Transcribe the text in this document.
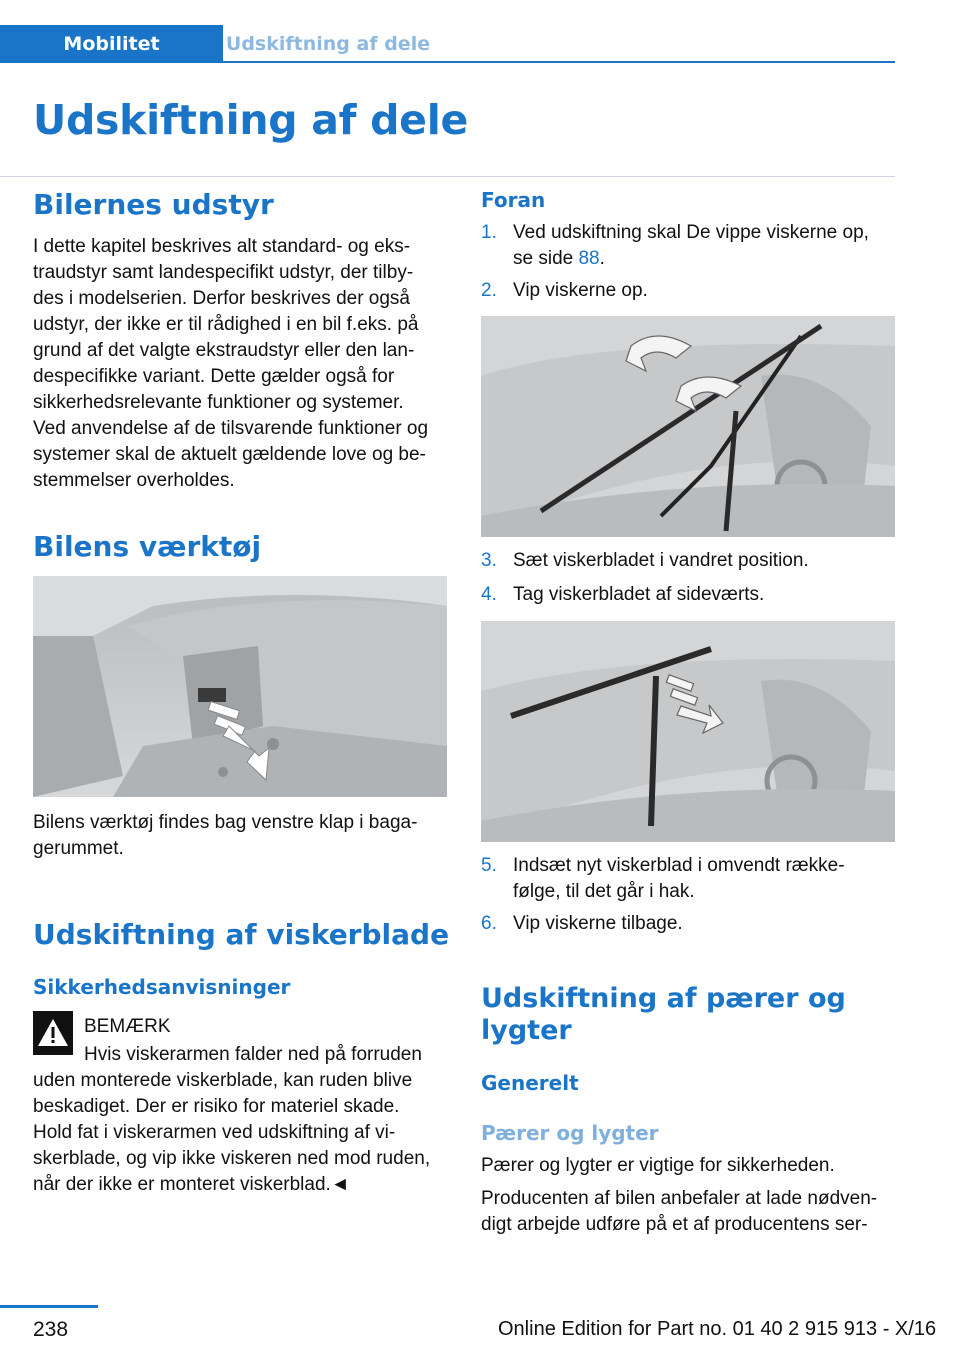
Mobilitet	Udskiftning af dele
Udskiftning af dele
Bilernes udstyr

I dette kapitel beskrives alt standard- og eks-

traudstyr samt landespecifikt udstyr, der tilby-

des i modelserien. Derfor beskrives der også

udstyr, der ikke er til rådighed i en bil f.eks. på

grund af det valgte ekstraudstyr eller den lan-

despecifikke variant. Dette gælder også for

sikkerhedsrelevante funktioner og systemer.

Ved anvendelse af de tilsvarende funktioner og

systemer skal de aktuelt gældende love og be-

stemmelser overholdes.

Bilens værktøj

Bilens værktøj findes bag venstre klap i baga-

gerummet.

Udskiftning af viskerblade
Sikkerhedsanvisninger

BEMÆRK

Hvis viskerarmen falder ned på forruden

uden monterede viskerblade, kan ruden blive

beskadiget. Der er risiko for materiel skade.

Hold fat i viskerarmen ved udskiftning af vi-

skerblade, og vip ikke viskeren ned mod ruden,

når der ikke er monteret viskerblad.◄

Foran
1. Ved udskiftning skal De vippe viskerne op,
se side 88.
2. Vip viskerne op.
3. Sæt viskerbladet i vandret position.
4. Tag viskerbladet af sideværts.
5. Indsæt nyt viskerblad i omvendt række-
følge, til det går i hak.
6. Vip viskerne tilbage.
Udskiftning af pærer og
lygter
Generelt
Pærer og lygter

Pærer og lygter er vigtige for sikkerheden.

Producenten af bilen anbefaler at lade nødven-

digt arbejde udføre på et af producentens ser-

238	Online Edition for Part no. 01 40 2 915 913 - X/16
